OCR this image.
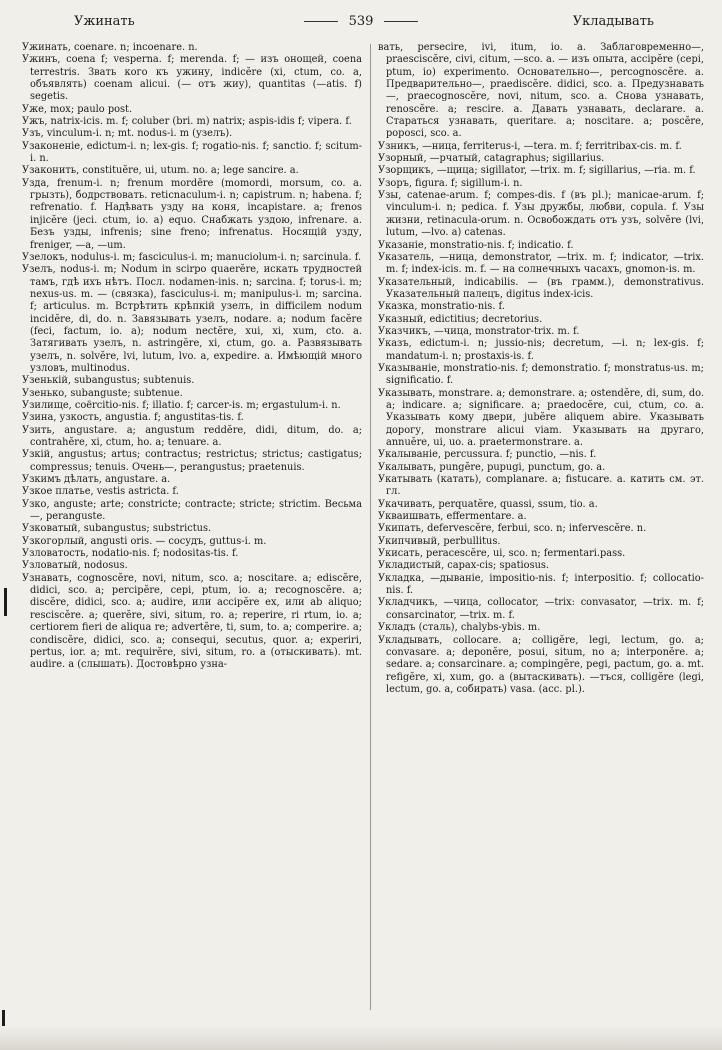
Ужинать	539	Укладывать

Ужинать, coenare. n; incoenare. n.

Ужинъ, coena f; vesperna. f; merenda. f; — изъ онощей, coena terrestris. Звать кого къ ужину, indicĕre (xi, ctum, co. a, объявлять) coenam alicui. (— отъ жиу), quantitas (—atis. f) segetis.

Уже, mox; paulo post.

Ужъ, natrix-icis. m. f; coluber (bri. m) natrix; aspis-idis f; vipera. f.

Узъ, vinculum-i. n; mt. nodus-i. m (узелъ).

Узаконеніе, edictum-i. n; lex-gis. f; rogatio-nis. f; sanctio. f; scitum-i. n.

Узаконить, constituĕre, ui, utum. no. a; lege sancire. a.

Узда, frenum-i. n; frenum mordēre (momordi, morsum, co. a. грызть), бодрствовать. reticnaculum-i. n; capistrum. n; habena. f; refrenatio. f. Надѣвать узду на коня, incapistare. a; frenos injicĕre (jeci. ctum, io. a) equo. Снабжать уздою, infrenare. a. Безъ узды, infrenis; sine freno; infrenatus. Носящій узду, freniger, —a, —um.

Узелокъ, nodulus-i. m; fasciculus-i. m; manuciolum-i. n; sarcinula. f.

Узелъ, nodus-i. m; Nodum in scirpo quaerĕre, искать трудностей тамъ, гдѣ ихъ нѣтъ. Посл. nodamen-inis. n; sarcina. f; torus-i. m; nexus-us. m. — (связка), fasciculus-i. m; manipulus-i. m; sarcina. f; articulus. m. Встрѣтить крѣпкій узелъ, in difficilem nodum incidĕre, di, do. n. Завязывать узелъ, nodare. a; nodum facĕre (feci, factum, io. a); nodum nectĕre, xui, xi, xum, cto. a. Затягивать узелъ, n. astringĕre, xi, ctum, go. a. Развязывать узелъ, n. solvĕre, lvi, lutum, lvo. a, expedire. a. Имѣющій много узловъ, multinodus.

Узенькій, subangustus; subtenuis.

Узенько, subanguste; subtenue.

Узилище, coërcitio-nis. f; illatio. f; carcer-is. m; ergastulum-i. n.

Узина, узкость, angustia. f; angustitas-tis. f.

Узить, angustare. a; angustum reddĕre, didi, ditum, do. a; contrahĕre, xi, ctum, ho. a; tenuare. a.

Узкій, angustus; artus; contractus; restrictus; strictus; castigatus; compressus; tenuis. Очень—, perangustus; praetenuis.

Узкимъ дѣлать, angustare. a.

Узкое платье, vestis astricta. f.

Узко, anguste; arte; constricte; contracte; stricte; strictim. Весьма—, peranguste.

Узковатый, subangustus; substrictus.

Узкогорлый, angusti oris. — сосудъ, guttus-i. m.

Узловатость, nodatio-nis. f; nodositas-tis. f.

Узловатый, nodosus.

Узнавать, cognoscĕre, novi, nitum, sco. a; noscitare. a; ediscĕre, didici, sco. a; percipĕre, cepi, ptum, io. a; recognoscĕre. a; discĕre, didici, sco. a; audire, или accipĕre ex, или ab aliquo; resciscĕre. a; querĕre, sivi, situm, ro. a; reperire, ri rtum, io. a; certiorem fieri de aliqua re; advertĕre, ti, sum, to. a; comperire. a; condiscĕre, didici, sco. a; consequi, secutus, quor. a; experiri, pertus, ior. a; mt. requirĕre, sivi, situm, ro. a (отыскивать). mt. audire. a (слышать). Достовѣрно узна-

вать, persecire, ivi, itum, io. a. Заблаговременно—, praesciscĕre, civi, citum, —sco. a. — изъ опыта, accipĕre (cepi, ptum, io) experimento. Основательно—, percognoscĕre. a. Предварительно—, praediscĕre. didici, sco. a. Предузнавать—, praecognoscĕre, novi, nitum, sco. a. Снова узнавать, renoscĕre. a; rescire. a. Давать узнавать, declarare. a. Стараться узнавать, queritare. a; noscitare. a; poscĕre, poposci, sco. a.

Узникъ, —ница, ferriterus-i, —tera. m. f; ferritribax-cis. m. f.

Узорный, —рчатый, catagraphus; sigillarius.

Узорщикъ, —щица; sigillator, —trix. m. f; sigillarius, —ria. m. f.

Узоръ, figura. f; sigillum-i. n.

Узы, catenae-arum. f; compes-dis. f (въ pl.); manicae-arum. f; vinculum-i. n; pedica. f. Узы дружбы, любви, copula. f. Узы жизни, retinacula-orum. n. Освобождать отъ узъ, solvĕre (lvi, lutum, —lvo. a) catenas.

Указаніе, monstratio-nis. f; indicatio. f.

Указатель, —ница, demonstrator, —trix. m. f; indicator, —trix. m. f; index-icis. m. f. — на солнечныхъ часахъ, gnomon-is. m.

Указательный, indicabilis. — (въ грамм.), demonstrativus. Указательный палецъ, digitus index-icis.

Указка, monstratio-nis. f.

Указный, edictitius; decretorius.

Указчикъ, —чица, monstrator-trix. m. f.

Указъ, edictum-i. n; jussio-nis; decretum, —i. n; lex-gis. f; mandatum-i. n; prostaxis-is. f.

Указываніе, monstratio-nis. f; demonstratio. f; monstratus-us. m; significatio. f.

Указывать, monstrare. a; demonstrare. a; ostendĕre, di, sum, do. a; indicare. a; significare. a; praedocĕre, cui, ctum, co. a. Указывать кому двери, jubĕre aliquem abire. Указывать дорогу, monstrare alicui viam. Указывать на другаго, annuĕre, ui, uo. a. praetermonstrare. a.

Укалываніе, percussura. f; punctio, —nis. f.

Укалывать, pungĕre, pupugi, punctum, go. a.

Укатывать (катать), complanare. a; fistucare. a. катить см. эт. гл.

Укачивать, perquatĕre, quassi, ssum, tio. a.

Укваишвать, effermentare. a.

Укипать, defervescĕre, ferbui, sco. n; infervescĕre. n.

Укипчивый, perbullitus.

Укисать, peracescĕre, ui, sco. n; fermentari.pass.

Укладистый, capax-cis; spatiosus.

Укладка, —дываніе, impositio-nis. f; interpositio. f; collocatio-nis. f.

Укладчикъ, —чица, collocator, —trix: convasator, —trix. m. f; consarcinator, —trix. m. f.

Укладъ (сталь), chalybs-ybis. m.

Укладывать, collocare. a; colligĕre, legi, lectum, go. a; convasare. a; deponĕre, posui, situm, no a; interponĕre. a; sedare. a; consarcinare. a; compingĕre, pegi, pactum, go. a. mt. refigĕre, xi, xum, go. a (вытаскивать). —тъся, colligĕre (legi, lectum, go. a, собирать) vasa. (acc. pl.).
